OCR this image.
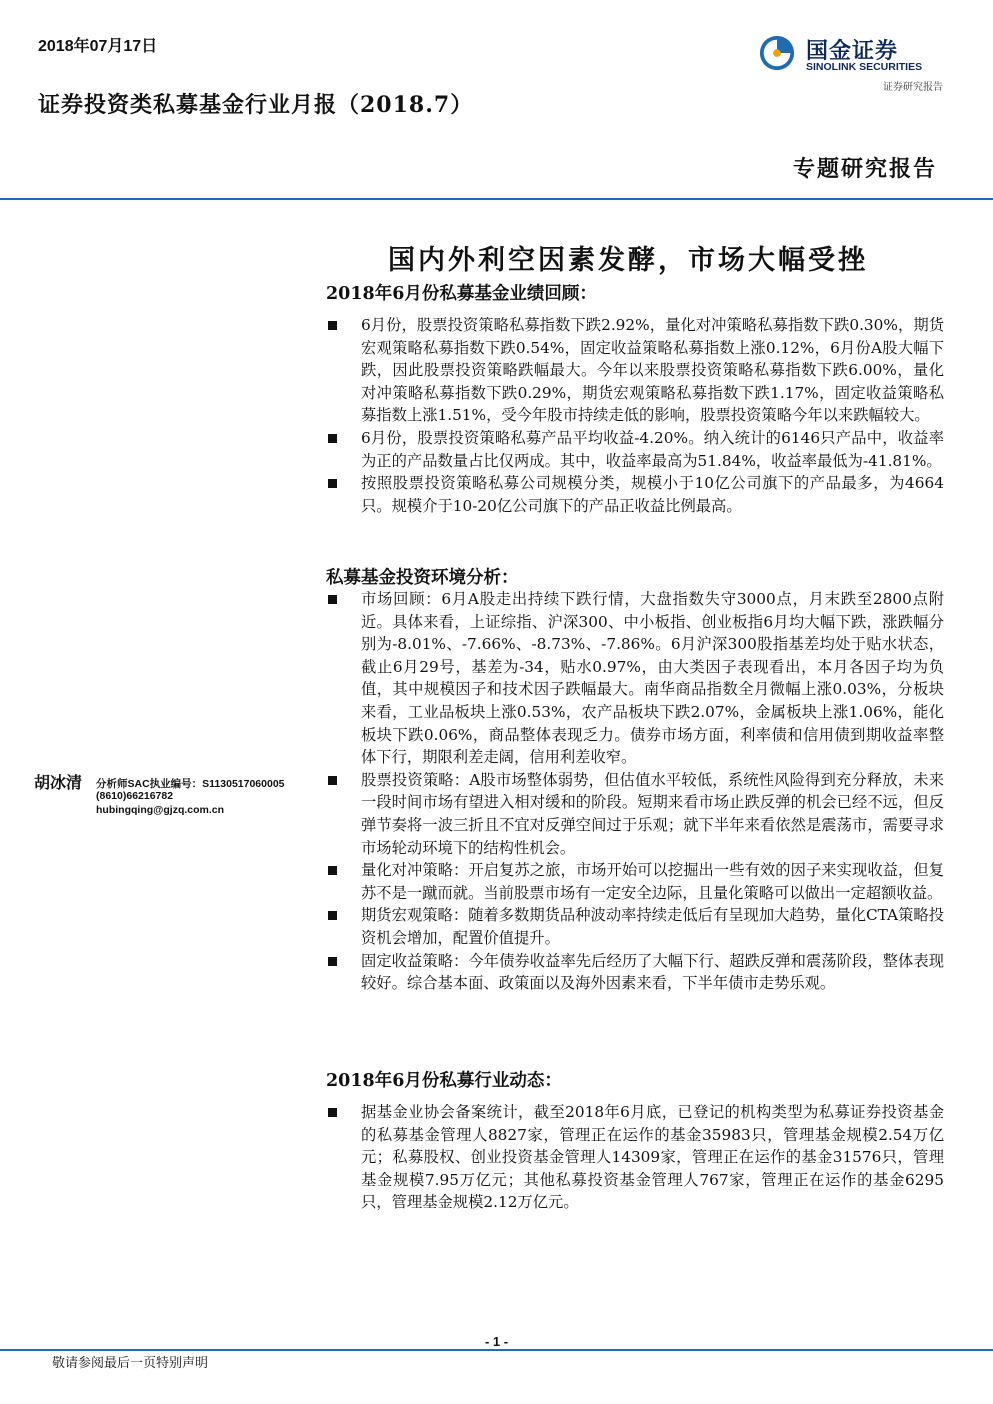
2018年07月17日
证券投资类私募基金行业月报（2018.7）
国金证券
SINOLINK SECURITIES
证券研究报告
专题研究报告
国内外利空因素发酵，市场大幅受挫
2018年6月份私募基金业绩回顾：
6月份，股票投资策略私募指数下跌2.92%，量化对冲策略私募指数下跌0.30%，期货宏观策略私募指数下跌0.54%，固定收益策略私募指数上涨0.12%，6月份A股大幅下跌，因此股票投资策略跌幅最大。今年以来股票投资策略私募指数下跌6.00%，量化对冲策略私募指数下跌0.29%，期货宏观策略私募指数下跌1.17%，固定收益策略私募指数上涨1.51%，受今年股市持续走低的影响，股票投资策略今年以来跌幅较大。
6月份，股票投资策略私募产品平均收益-4.20%。纳入统计的6146只产品中，收益率为正的产品数量占比仅两成。其中，收益率最高为51.84%，收益率最低为-41.81%。
按照股票投资策略私募公司规模分类，规模小于10亿公司旗下的产品最多，为4664只。规模介于10-20亿公司旗下的产品正收益比例最高。
私募基金投资环境分析：
市场回顾：6月A股走出持续下跌行情，大盘指数失守3000点，月末跌至2800点附近。具体来看，上证综指、沪深300、中小板指、创业板指6月均大幅下跌，涨跌幅分别为-8.01%、-7.66%、-8.73%、-7.86%。6月沪深300股指基差均处于贴水状态，截止6月29号，基差为-34，贴水0.97%，由大类因子表现看出，本月各因子均为负值，其中规模因子和技术因子跌幅最大。南华商品指数全月微幅上涨0.03%，分板块来看，工业品板块上涨0.53%，农产品板块下跌2.07%，金属板块上涨1.06%，能化板块下跌0.06%，商品整体表现乏力。债券市场方面，利率债和信用债到期收益率整体下行，期限利差走阔，信用利差收窄。
股票投资策略：A股市场整体弱势，但估值水平较低，系统性风险得到充分释放，未来一段时间市场有望进入相对缓和的阶段。短期来看市场止跌反弹的机会已经不远，但反弹节奏将一波三折且不宜对反弹空间过于乐观；就下半年来看依然是震荡市，需要寻求市场轮动环境下的结构性机会。
量化对冲策略：开启复苏之旅，市场开始可以挖掘出一些有效的因子来实现收益，但复苏不是一蹴而就。当前股票市场有一定安全边际，且量化策略可以做出一定超额收益。
期货宏观策略：随着多数期货品种波动率持续走低后有呈现加大趋势，量化CTA策略投资机会增加，配置价值提升。
固定收益策略：今年债券收益率先后经历了大幅下行、超跌反弹和震荡阶段，整体表现较好。综合基本面、政策面以及海外因素来看，下半年债市走势乐观。
2018年6月份私募行业动态：
据基金业协会备案统计，截至2018年6月底，已登记的机构类型为私募证券投资基金的私募基金管理人8827家，管理正在运作的基金35983只，管理基金规模2.54万亿元；私募股权、创业投资基金管理人14309家，管理正在运作的基金31576只，管理基金规模7.95万亿元；其他私募投资基金管理人767家，管理正在运作的基金6295只，管理基金规模2.12万亿元。
胡冰清 分析师SAC执业编号：S1130517060005
(8610)66216782
hubingqing@gjzq.com.cn
- 1 -
敬请参阅最后一页特别声明
